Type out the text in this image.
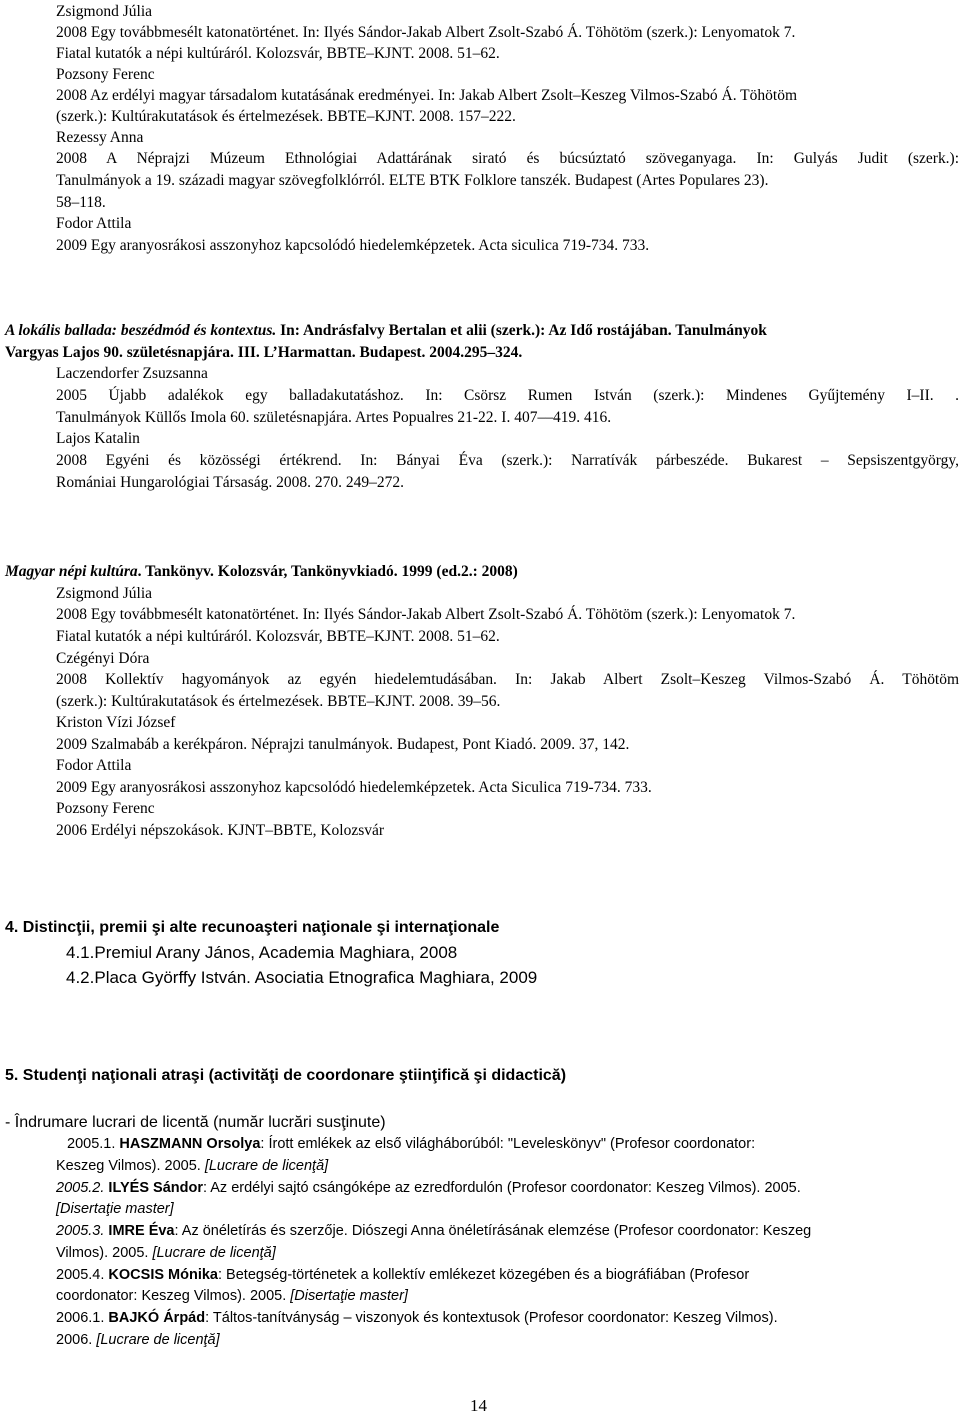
Zsigmond Júlia
2008 Egy továbbmesélt katonatörténet. In: Ilyés Sándor-Jakab Albert Zsolt-Szabó Á. Töhötöm (szerk.): Lenyomatok 7.
Fiatal kutatók a népi kultúráról. Kolozsvár, BBTE–KJNT. 2008. 51–62.
Pozsony Ferenc
2008 Az erdélyi magyar társadalom kutatásának eredményei. In: Jakab Albert Zsolt–Keszeg Vilmos-Szabó Á. Töhötöm
(szerk.): Kultúrakutatások és értelmezések. BBTE–KJNT. 2008. 157–222.
Rezessy Anna
2008 A Néprajzi Múzeum Ethnológiai Adattárának sirató és búcsúztató szöveganyaga. In: Gulyás Judit (szerk.):
Tanulmányok a 19. századi magyar szövegfolklórról. ELTE BTK Folklore tanszék. Budapest (Artes Populares 23).
58–118.
Fodor Attila
2009 Egy aranyosrákosi asszonyhoz kapcsolódó hiedelemképzetek. Acta siculica 719-734. 733.
A lokális ballada: beszédmód és kontextus. In: Andrásfalvy Bertalan et alii (szerk.): Az Idő rostájában. Tanulmányok
Vargyas Lajos 90. születésnapjára. III. L’Harmattan. Budapest. 2004.295–324.
Laczendorfer Zsuzsanna
2005 Újabb adalékok egy balladakutatáshoz. In: Csörsz Rumen István (szerk.): Mindenes Gyűjtemény I–II. .
Tanulmányok Küllős Imola 60. születésnapjára. Artes Popualres 21-22. I. 407––419. 416.
Lajos Katalin
2008 Egyéni és közösségi értékrend. In: Bányai Éva (szerk.): Narratívák párbeszéde. Bukarest – Sepsiszentgyörgy,
Romániai Hungarológiai Társaság. 2008. 270. 249–272.
Magyar népi kultúra. Tankönyv. Kolozsvár, Tankönyvkiadó. 1999 (ed.2.: 2008)
Zsigmond Júlia
2008 Egy továbbmesélt katonatörténet. In: Ilyés Sándor-Jakab Albert Zsolt-Szabó Á. Töhötöm (szerk.): Lenyomatok 7.
Fiatal kutatók a népi kultúráról. Kolozsvár, BBTE–KJNT. 2008. 51–62.
Czégényi Dóra
2008 Kollektív hagyományok az egyén hiedelemtudásában. In: Jakab Albert Zsolt–Keszeg Vilmos-Szabó Á. Töhötöm
(szerk.): Kultúrakutatások és értelmezések. BBTE–KJNT. 2008. 39–56.
Kriston Vízi József
2009 Szalmabáb a kerékpáron. Néprajzi tanulmányok. Budapest, Pont Kiadó. 2009. 37, 142.
Fodor Attila
2009 Egy aranyosrákosi asszonyhoz kapcsolódó hiedelemképzetek. Acta Siculica 719-734. 733.
Pozsony Ferenc
2006 Erdélyi népszokások. KJNT–BBTE, Kolozsvár
4. Distincţii, premii şi alte recunoaşteri naţionale şi internaţionale
4.1.Premiul Arany János, Academia Maghiara, 2008
4.2.Placa Györffy István. Asociatia Etnografica Maghiara, 2009
5. Studenţi naţionali atraşi (activităţi de coordonare ştiinţifică şi didactică)
- Îndrumare lucrari de licentă (număr lucrări susţinute)
2005.1. HASZMANN Orsolya: Írott emlékek az első világháborúból: "Leveleskönyv" (Profesor coordonator:
Keszeg Vilmos). 2005. [Lucrare de licenţă]
2005.2. ILYÉS Sándor: Az erdélyi sajtó csángóképe az ezredfordulón (Profesor coordonator: Keszeg Vilmos). 2005.
[Disertaţie master]
2005.3. IMRE Éva: Az önéletírás és szerzője. Diószegi Anna önéletírásának elemzése (Profesor coordonator: Keszeg
Vilmos). 2005. [Lucrare de licenţă]
2005.4. KOCSIS Mónika: Betegség-történetek a kollektív emlékezet közegében és a biográfiában (Profesor
coordonator: Keszeg Vilmos). 2005. [Disertaţie master]
2006.1. BAJKÓ Árpád: Táltos-tanítványság – viszonyok és kontextusok (Profesor coordonator: Keszeg Vilmos).
2006. [Lucrare de licenţă]
14
